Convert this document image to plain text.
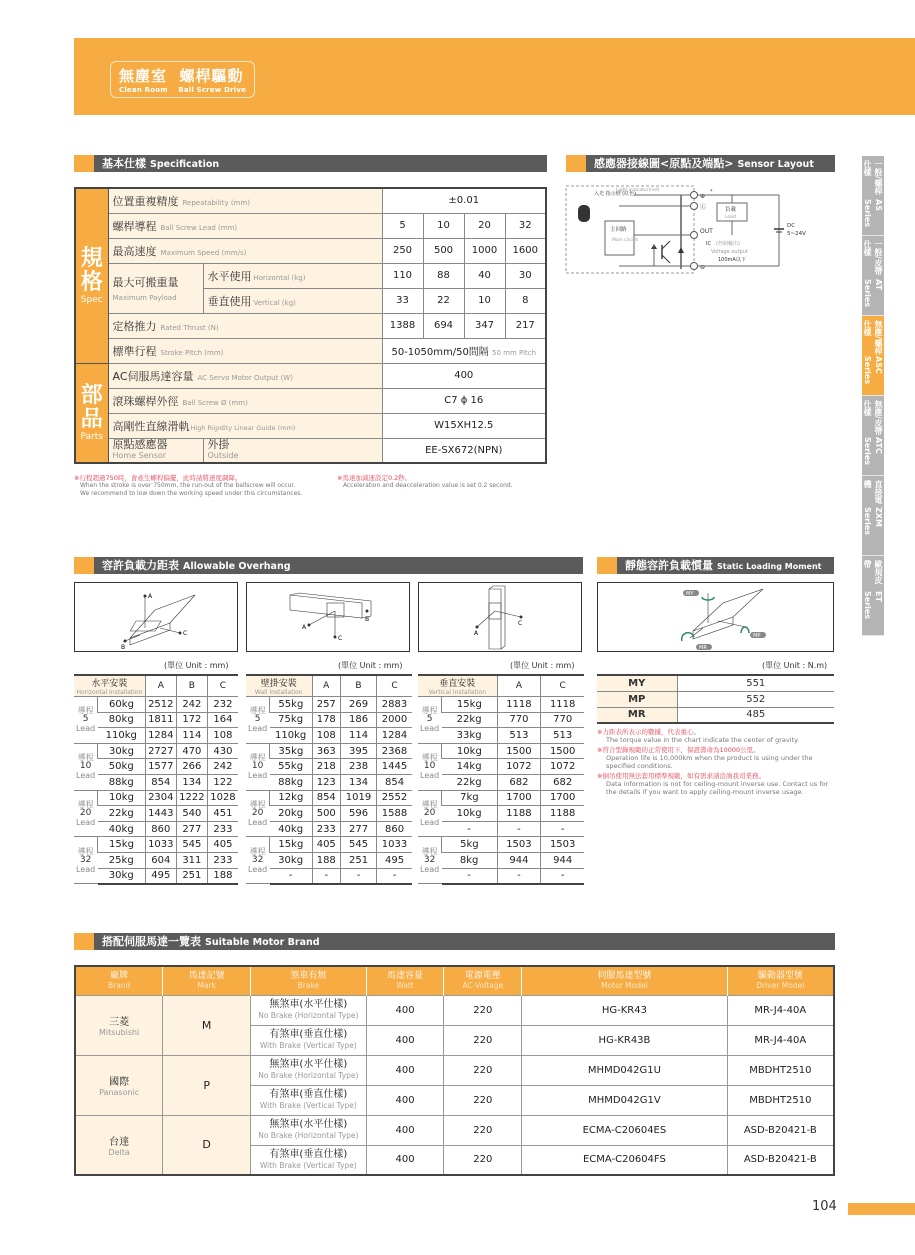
無塵室  螺桿驅動
Clean Room    Ball Screw Drive
一般/螺桿仕樣
AS Series
一般/皮帶仕樣
AT Series
無塵/螺桿仕樣
ASC Series
無塵/皮帶仕樣
ATC Series
直接電機
ZXM Series
歐規皮帶
ET Series
基本仕樣 Specification
規
格
Spec	位置重複精度 Repeatability (mm)		±0.01			
	螺桿導程 Ball Screw Lead (mm)		5	10	20	32
	最高速度 Maximum Speed (mm/s)		250	500	1000	1600
	最大可搬重量
Maximum Payload	水平使用 Horizontal (kg)	110	88	40	30
		垂直使用 Vertical (kg)	33	22	10	8
	定格推力 Rated Thrust (N)		1388	694	347	217
	標準行程 Stroke Pitch (mm)		50-1050mm/50間隔 50 mm Pitch			

部
品
Parts	AC伺服馬達容量 AC Servo Motor Output (W)		400			
	滾珠螺桿外徑 Ball Screw Ø (mm)		C7 ϕ 16			
	高剛性直線滑軌High Rigidity Linear Guide (mm)		W15XH12.5			
	原點感應器
Home Sensor	外掛
Outside	EE-SX672(NPN)			
※行程超過750時，會產生螺桿偏擺，此時請將速度調降。
When the stroke is over 750mm, the run-out of the ballscrew will occur.
We recommend to low down the working speed under this circumstances.
※馬達加減速設定0.2秒。
Acceleration and deacceleration value is set 0.2 second.
感應器接線圖<原點及端點> Sensor Layout
入光 指示燈 (紅色)
Light indicator(red)
主回路
Main circuit
⊕
*
Ⓛ
OUT
⊖
負載
Load
IC (控制輸出)
Voltage output
100mA以下
DC
5~24V
容許負載力距表 Allowable Overhang
A
C
B
A
C
B
A
C
(單位 Unit : mm)	(單位 Unit : mm)	(單位 Unit : mm)
水平安裝
Horizontal Installation		A	B	C

導程
5
Lead	60kg	2512	242	232
	80kg	1811	172	164
	110kg	1284	114	108

導程
10
Lead	30kg	2727	470	430
	50kg	1577	266	242
	88kg	854	134	122

導程
20
Lead	10kg	2304	1222	1028
	22kg	1443	540	451
	40kg	860	277	233

導程
32
Lead	15kg	1033	545	405
	25kg	604	311	233
	30kg	495	251	188
壁掛安裝
Wall Installation		A	B	C

導程
5
Lead	55kg	257	269	2883
	75kg	178	186	2000
	110kg	108	114	1284

導程
10
Lead	35kg	363	395	2368
	55kg	218	238	1445
	88kg	123	134	854

導程
20
Lead	12kg	854	1019	2552
	20kg	500	596	1588
	40kg	233	277	860

導程
32
Lead	15kg	405	545	1033
	30kg	188	251	495
	-	-	-	-
垂直安裝
Vertical Installation		A	C

導程
5
Lead	15kg	1118	1118
	22kg	770	770
	33kg	513	513

導程
10
Lead	10kg	1500	1500
	14kg	1072	1072
	22kg	682	682

導程
20
Lead	7kg	1700	1700
	10kg	1188	1188
	-	-	-

導程
32
Lead	5kg	1503	1503
	8kg	944	944
	-	-	-
靜態容許負載慣量 Static Loading Moment
MY
MP
MR
(單位 Unit : N.m)
MY	551
MP	552
MR	485
※力距表所表示的數據，代表重心。
The torque value in the chart indicate the center of gravity.
※符合型錄規範的正常使用下，保證壽命為10000公里。
Operation life is 10,000km when the product is using under the specified conditions.
※倒吊使用無法套用標準規範，如有需求請洽詢我司業務。
Data information is not for ceiling-mount inverse use. Contact us for the details if you want to apply ceiling-mount inverse usage.
搭配伺服馬達一覽表 Suitable Motor Brand
廠牌
Brand	馬達記號
Mark	煞車有無
Brake	馬達容量
Watt	電源電壓
AC-Voltage	伺服馬達型號
Motor Model	驅動器型號
Driver Model

三菱
Mitsubishi	M	無煞車(水平仕樣)
No Brake (Horizontal Type)	400	220	HG-KR43	MR-J4-40A
		有煞車(垂直仕樣)
With Brake (Vertical Type)	400	220	HG-KR43B	MR-J4-40A
國際
Panasonic	P	無煞車(水平仕樣)
No Brake (Horizontal Type)	400	220	MHMD042G1U	MBDHT2510
		有煞車(垂直仕樣)
With Brake (Vertical Type)	400	220	MHMD042G1V	MBDHT2510
台達
Delta	D	無煞車(水平仕樣)
No Brake (Horizontal Type)	400	220	ECMA-C20604ES	ASD-B20421-B
		有煞車(垂直仕樣)
With Brake (Vertical Type)	400	220	ECMA-C20604FS	ASD-B20421-B
104
